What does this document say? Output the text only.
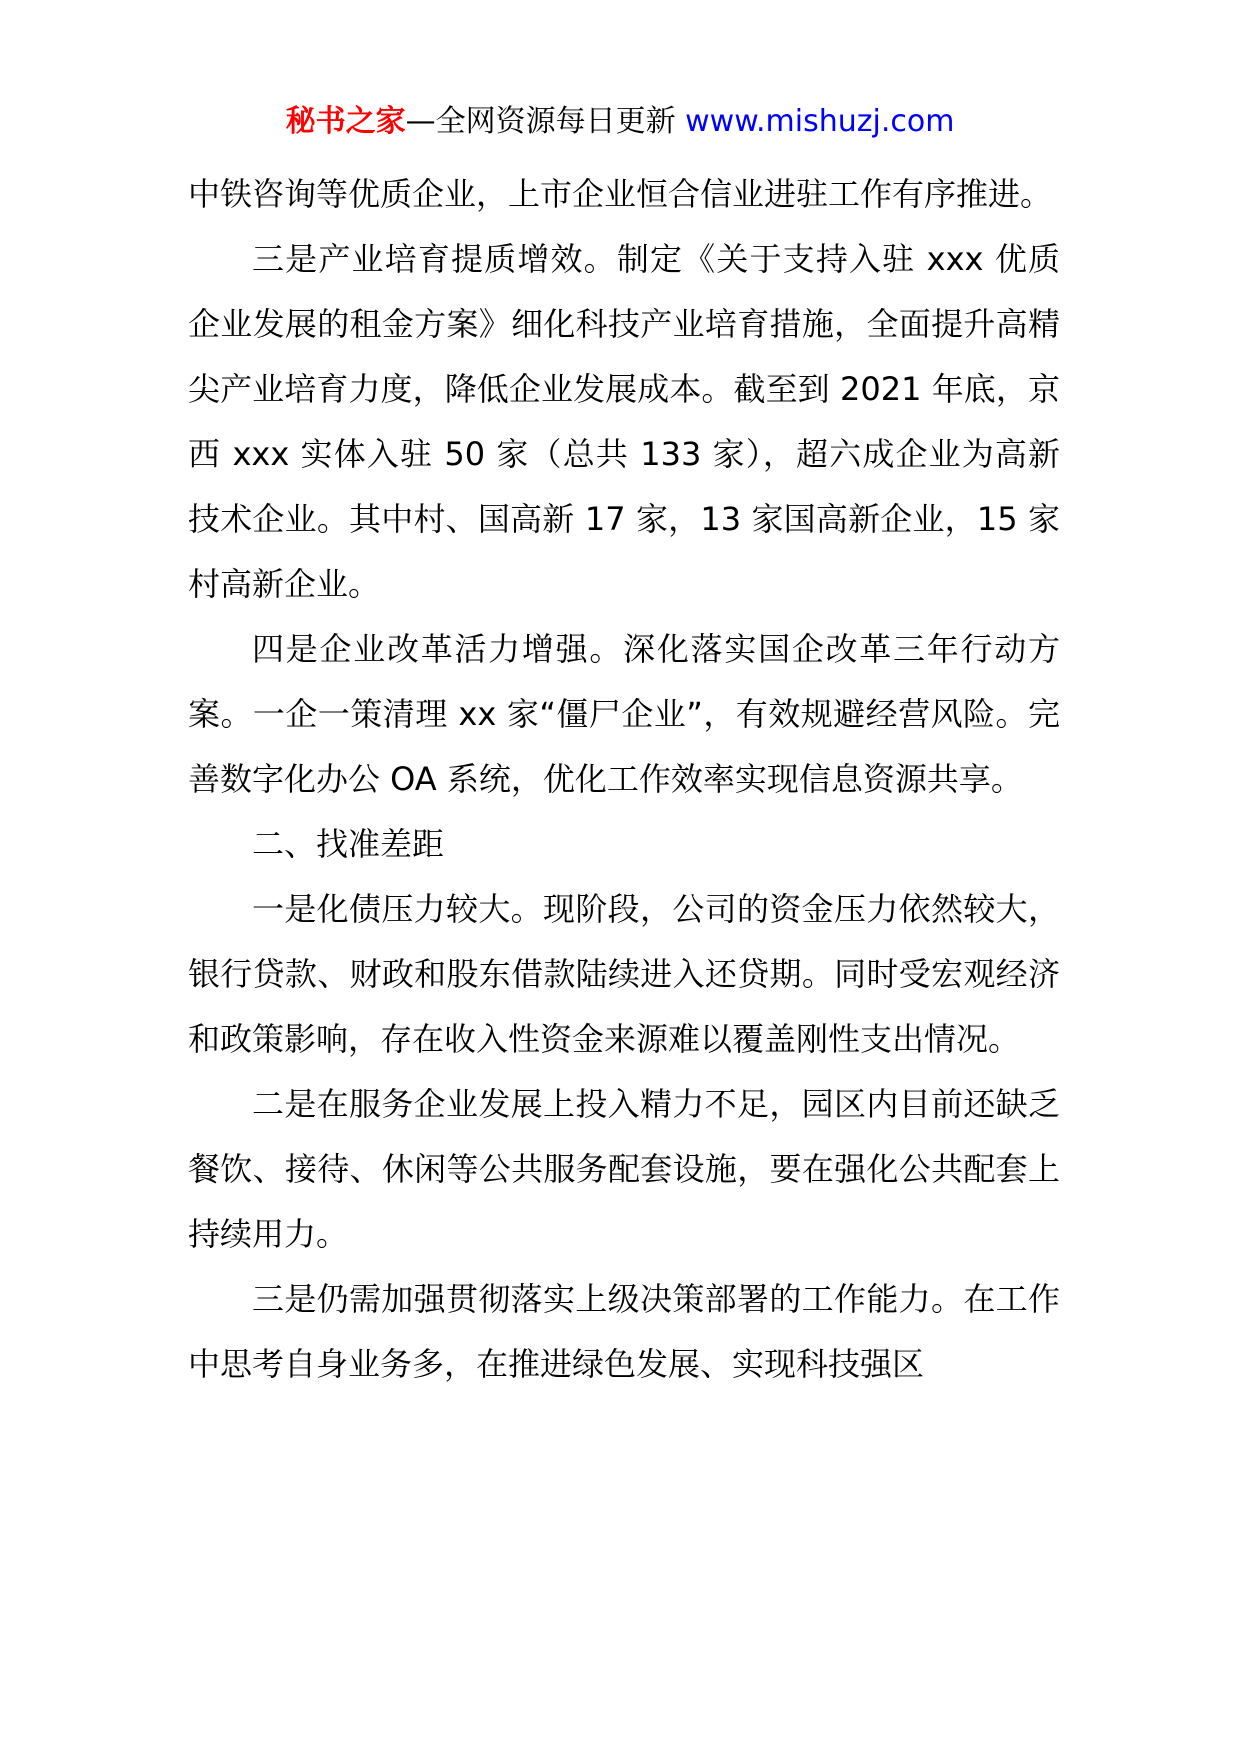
秘书之家—全网资源每日更新 www.mishuzj.com

中铁咨询等优质企业，上市企业恒合信业进驻工作有序推进。

三是产业培育提质增效。制定《关于支持入驻 xxx 优质企业发展的租金方案》细化科技产业培育措施，全面提升高精尖产业培育力度，降低企业发展成本。截至到 2021 年底，京西 xxx 实体入驻 50 家（总共 133 家），超六成企业为高新技术企业。其中村、国高新 17 家，13 家国高新企业，15 家村高新企业。

四是企业改革活力增强。深化落实国企改革三年行动方案。一企一策清理 xx 家“僵尸企业”，有效规避经营风险。完善数字化办公 OA 系统，优化工作效率实现信息资源共享。

二、找准差距

一是化债压力较大。现阶段，公司的资金压力依然较大，银行贷款、财政和股东借款陆续进入还贷期。同时受宏观经济和政策影响，存在收入性资金来源难以覆盖刚性支出情况。

二是在服务企业发展上投入精力不足，园区内目前还缺乏餐饮、接待、休闲等公共服务配套设施，要在强化公共配套上持续用力。

三是仍需加强贯彻落实上级决策部署的工作能力。在工作中思考自身业务多，在推进绿色发展、实现科技强区
